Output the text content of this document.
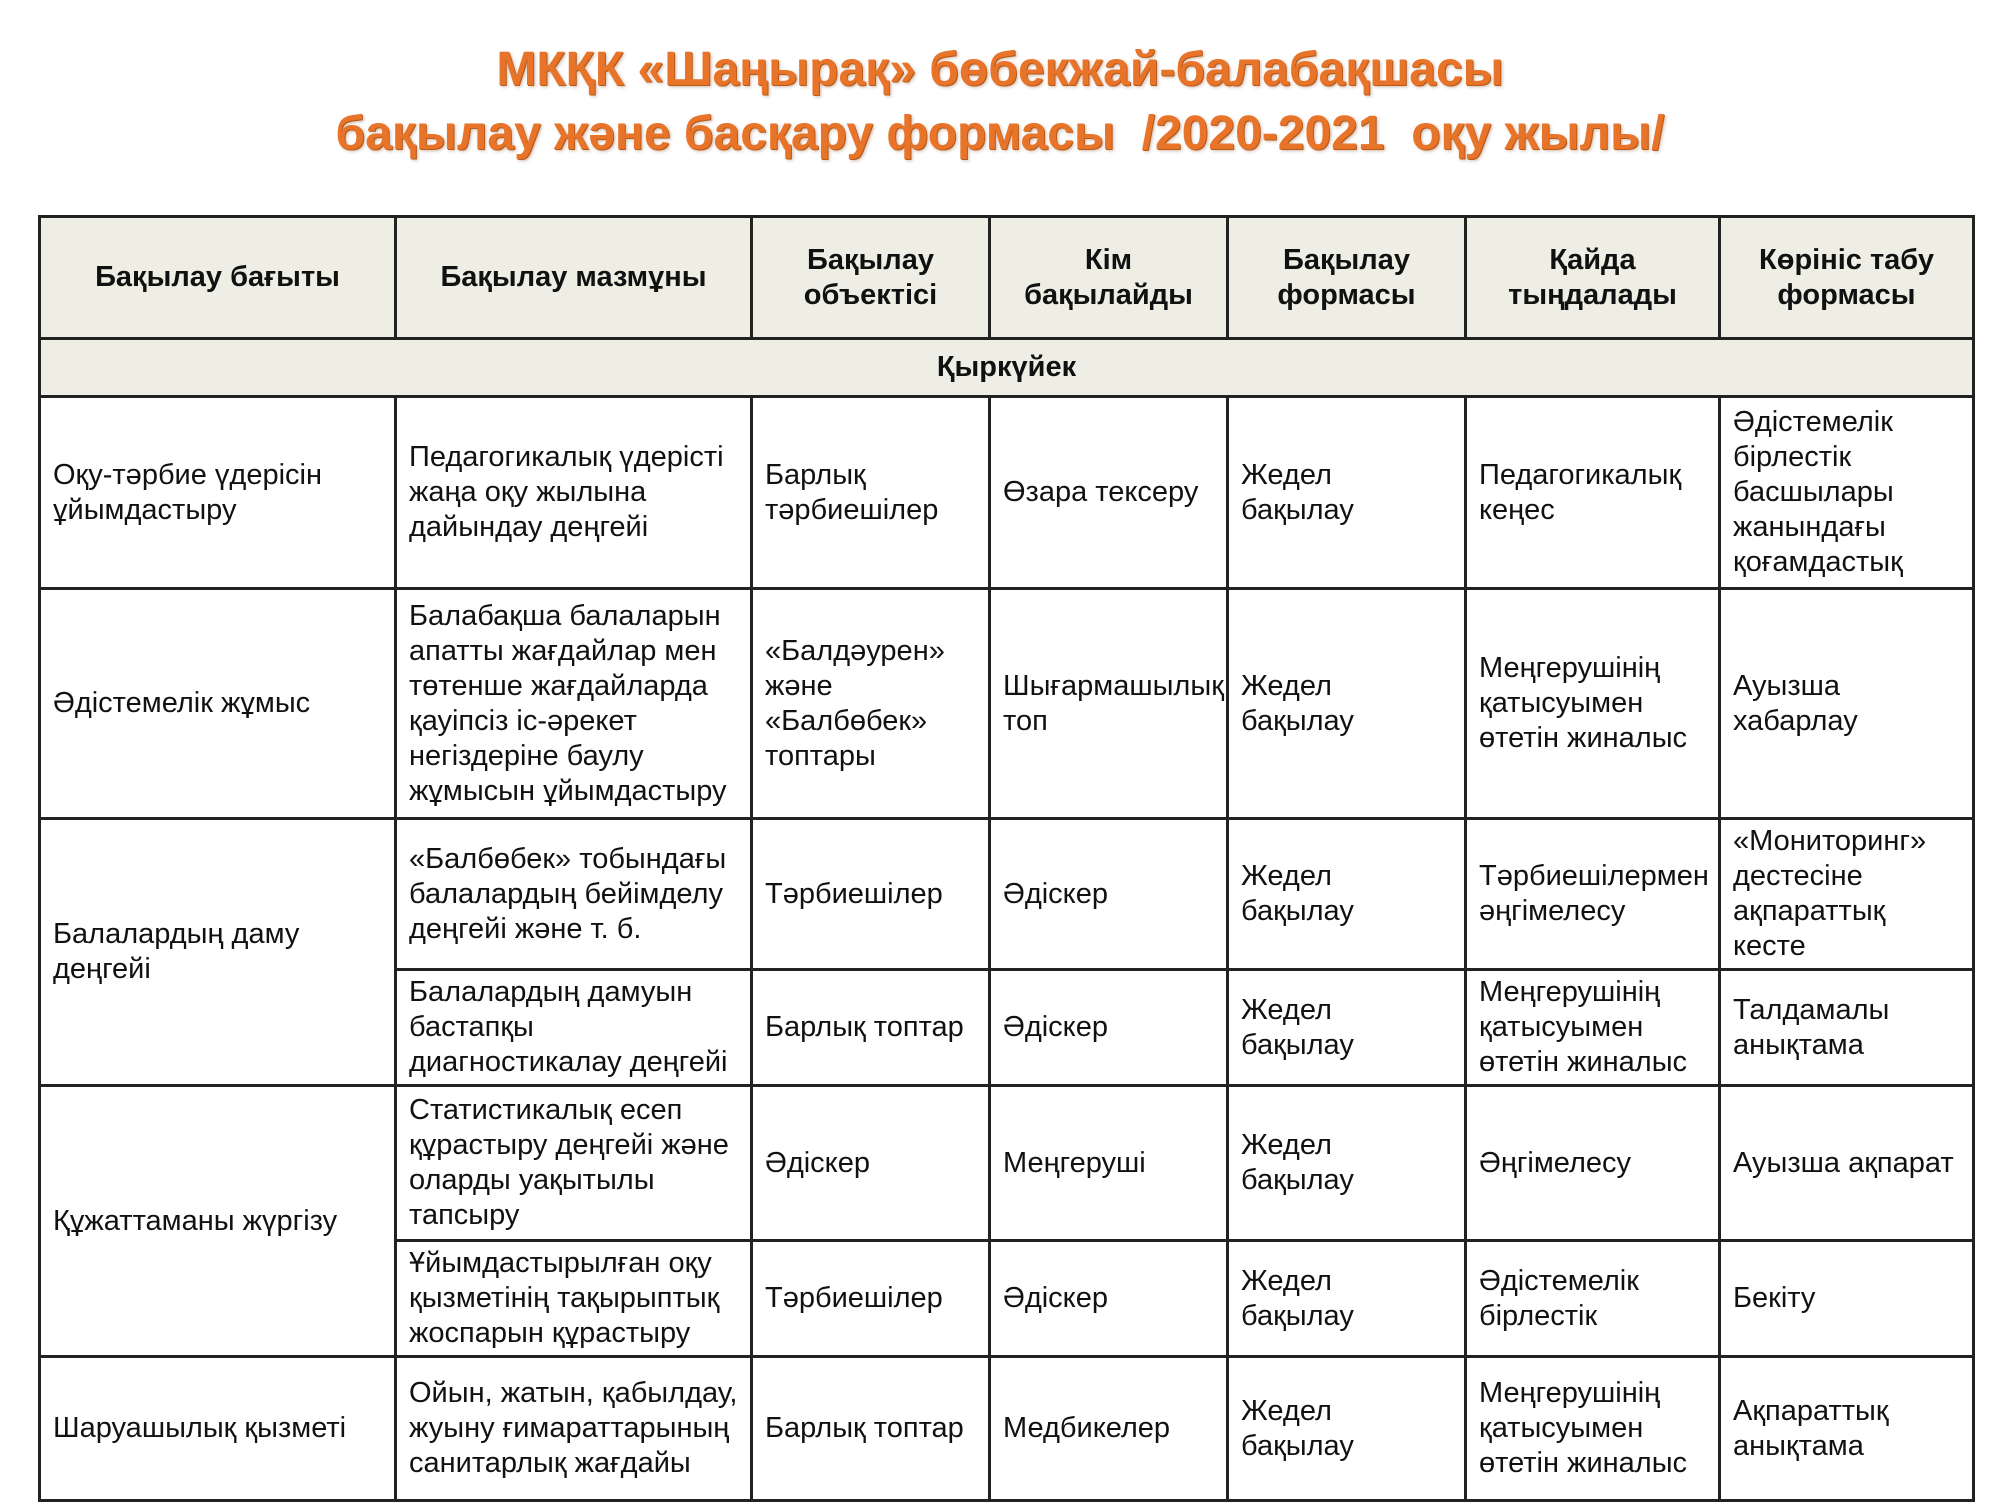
МКҚК «Шаңырақ» бөбекжай-балабақшасы
бақылау және басқару формасы  /2020-2021  оқу жылы/
Бақылау бағыты	Бақылау мазмұны	Бақылау объектісі	Кім бақылайды	Бақылау формасы	Қайда тыңдалады	Көрініс табу формасы
Қыркүйек						
Оқу-тәрбие үдерісін ұйымдастыру	Педагогикалық үдерісті жаңа оқу жылына дайындау деңгейі	Барлық тәрбиешілер	Өзара тексеру	Жедел бақылау	Педагогикалық кеңес	Әдістемелік бірлестік басшылары жанындағы қоғамдастық
Әдістемелік жұмыс	Балабақша балаларын апатты жағдайлар мен төтенше жағдайларда қауіпсіз іс-әрекет негіздеріне баулу жұмысын ұйымдастыру	«Балдәурен» және «Балбөбек» топтары	Шығармашылық топ	Жедел бақылау	Меңгерушінің қатысуымен өтетін жиналыс	Ауызша хабарлау
Балалардың даму деңгейі	«Балбөбек» тобындағы балалардың бейімделу деңгейі және т. б.	Тәрбиешілер	Әдіскер	Жедел бақылау	Тәрбиешілермен әңгімелесу	«Мониторинг» дестесіне ақпараттық кесте
	Балалардың дамуын бастапқы диагностикалау деңгейі	Барлық топтар	Әдіскер	Жедел бақылау	Меңгерушінің қатысуымен өтетін жиналыс	Талдамалы анықтама
Құжаттаманы жүргізу	Статистикалық есеп құрастыру деңгейі және оларды уақытылы тапсыру	Әдіскер	Меңгеруші	Жедел бақылау	Әңгімелесу	Ауызша ақпарат
	Ұйымдастырылған оқу қызметінің тақырыптық жоспарын құрастыру	Тәрбиешілер	Әдіскер	Жедел бақылау	Әдістемелік бірлестік	Бекіту
Шаруашылық қызметі	Ойын, жатын, қабылдау, жуыну ғимараттарының санитарлық жағдайы	Барлық топтар	Медбикелер	Жедел бақылау	Меңгерушінің қатысуымен өтетін жиналыс	Ақпараттық анықтама
